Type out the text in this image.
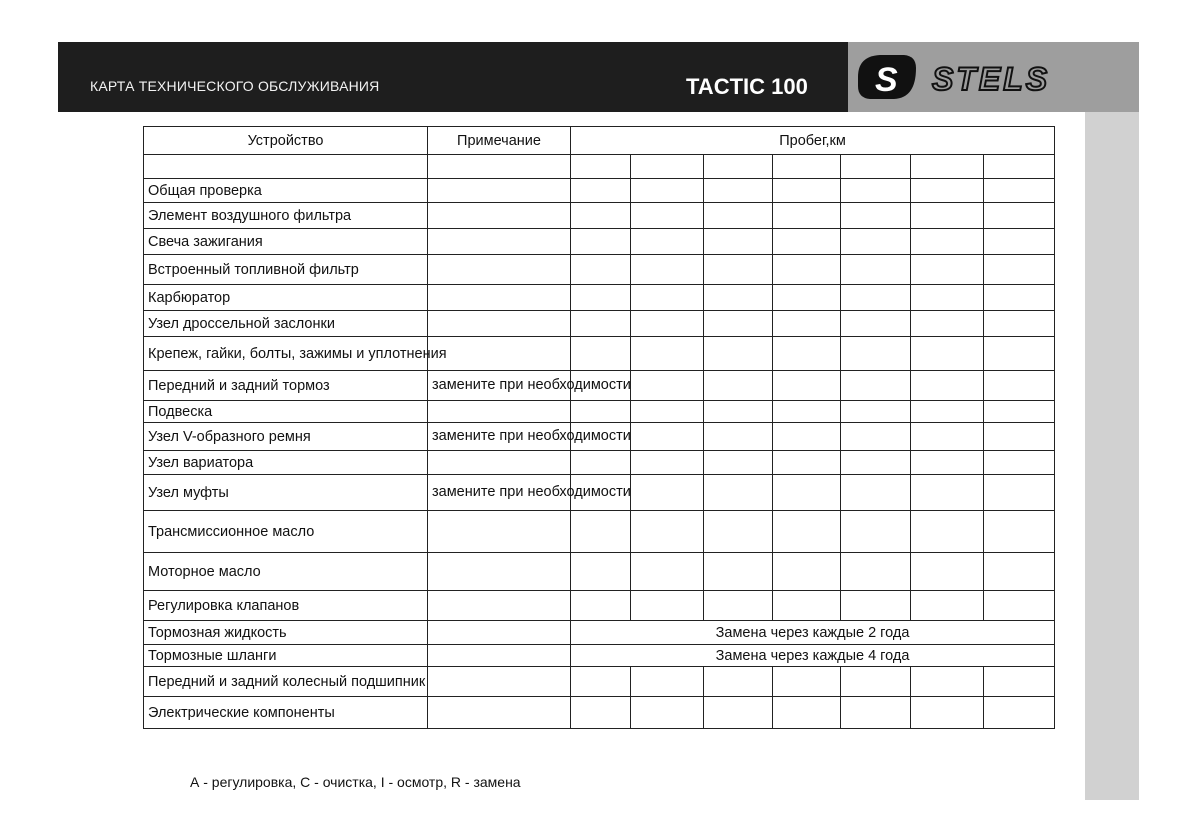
КАРТА ТЕХНИЧЕСКОГО ОБСЛУЖИВАНИЯ	TACTIC 100 S STELS
Устройство	Примечание	Пробег,км						

Общая проверка								
Элемент воздушного фильтра								
Свеча зажигания								
Встроенный топливной фильтр								
Карбюратор								
Узел дроссельной заслонки								
Крепеж, гайки, болты, зажимы и уплотнения								
Передний и задний тормоз	замените при необходимости							
Подвеска								
Узел V-образного ремня	замените при необходимости							
Узел вариатора								
Узел муфты	замените при необходимости							
Трансмиссионное масло								
Моторное масло								
Регулировка клапанов								
Тормозная жидкость		Замена через каждые 2 года						
Тормозные шланги		Замена через каждые 4 года						
Передний и задний колесный подшипник								
Электрические компоненты								
А - регулировка, С - очистка, I - осмотр, R - замена
